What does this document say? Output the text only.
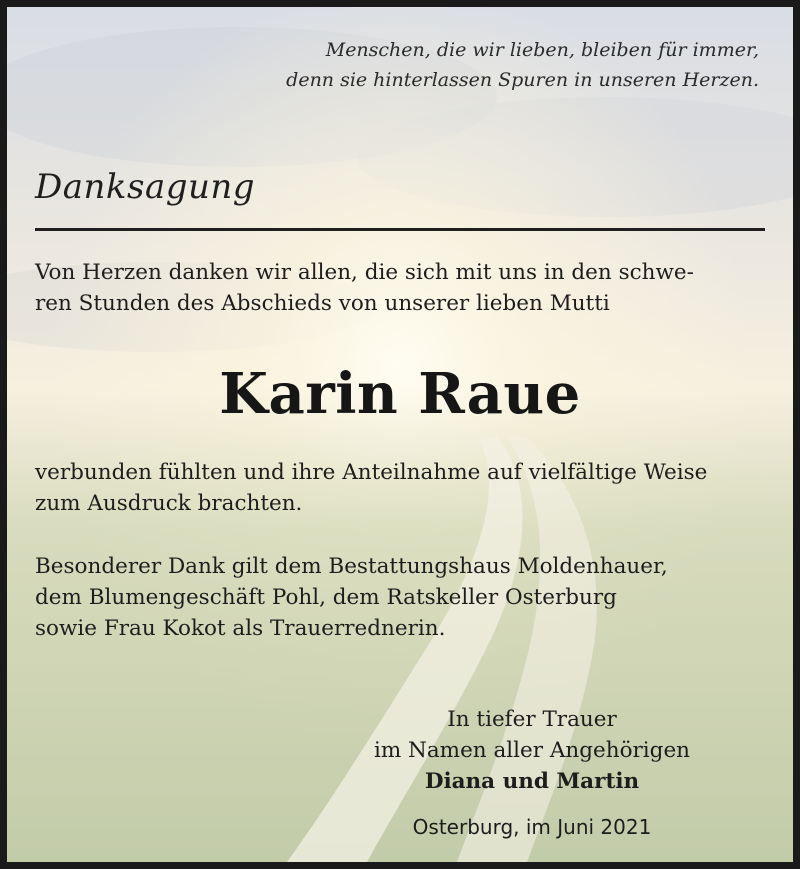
Menschen, die wir lieben, bleiben für immer,
denn sie hinterlassen Spuren in unseren Herzen.
Danksagung
Von Herzen danken wir allen, die sich mit uns in den schwe-
ren Stunden des Abschieds von unserer lieben Mutti
Karin Raue
verbunden fühlten und ihre Anteilnahme auf vielfältige Weise
zum Ausdruck brachten.
Besonderer Dank gilt dem Bestattungshaus Moldenhauer,
dem Blumengeschäft Pohl, dem Ratskeller Osterburg
sowie Frau Kokot als Trauerrednerin.
In tiefer Trauer
im Namen aller Angehörigen
Diana und Martin
Osterburg, im Juni 2021
